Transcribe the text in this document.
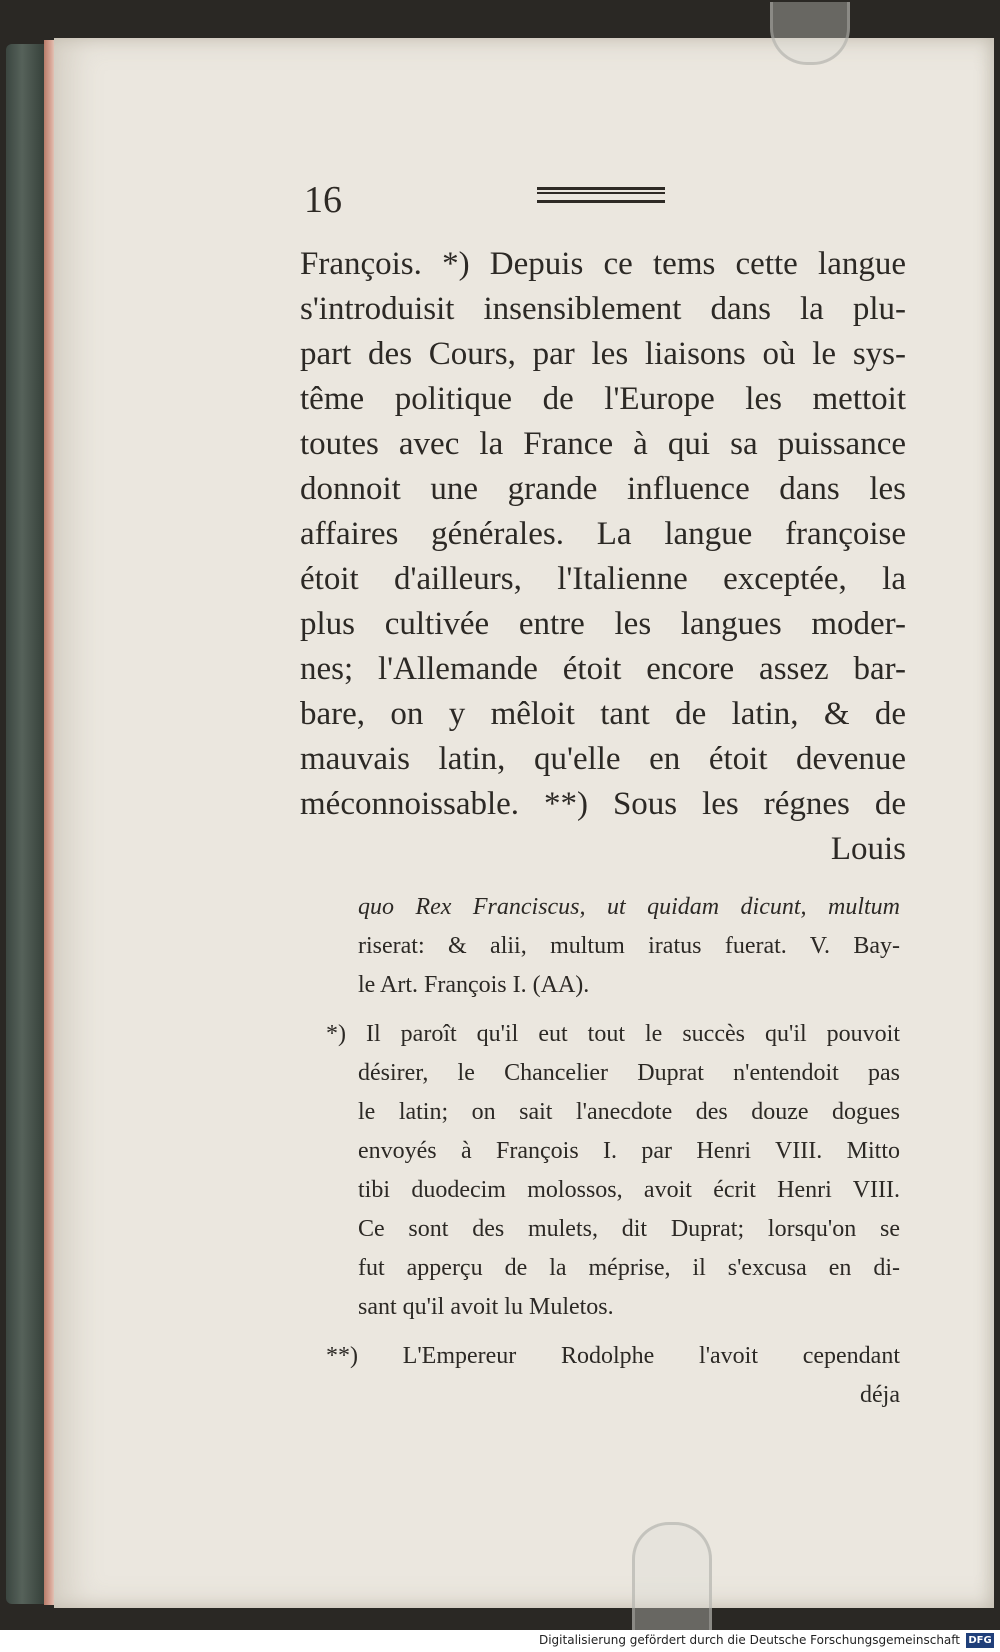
16
François. *) Depuis ce tems cette langue
s'introduisit insensiblement dans la plu-
part des Cours, par les liaisons où le sys-
tême politique de l'Europe les mettoit
toutes avec la France à qui sa puissance
donnoit une grande influence dans les
affaires générales. La langue françoise
étoit d'ailleurs, l'Italienne exceptée, la
plus cultivée entre les langues moder-
nes; l'Allemande étoit encore assez bar-
bare, on y mêloit tant de latin, & de
mauvais latin, qu'elle en étoit devenue
méconnoissable. **) Sous les régnes de
Louis
quo Rex Franciscus, ut quidam dicunt, multum
riserat: & alii, multum iratus fuerat. V. Bay-
le Art. François I. (AA).
*) Il paroît qu'il eut tout le succès qu'il pouvoit
désirer, le Chancelier Duprat n'entendoit pas
le latin; on sait l'anecdote des douze dogues
envoyés à François I. par Henri VIII. Mitto
tibi duodecim molossos, avoit écrit Henri VIII.
Ce sont des mulets, dit Duprat; lorsqu'on se
fut apperçu de la méprise, il s'excusa en di-
sant qu'il avoit lu Muletos.
**) L'Empereur Rodolphe l'avoit cependant
déja
Digitalisierung gefördert durch die Deutsche Forschungsgemeinschaft DFG
